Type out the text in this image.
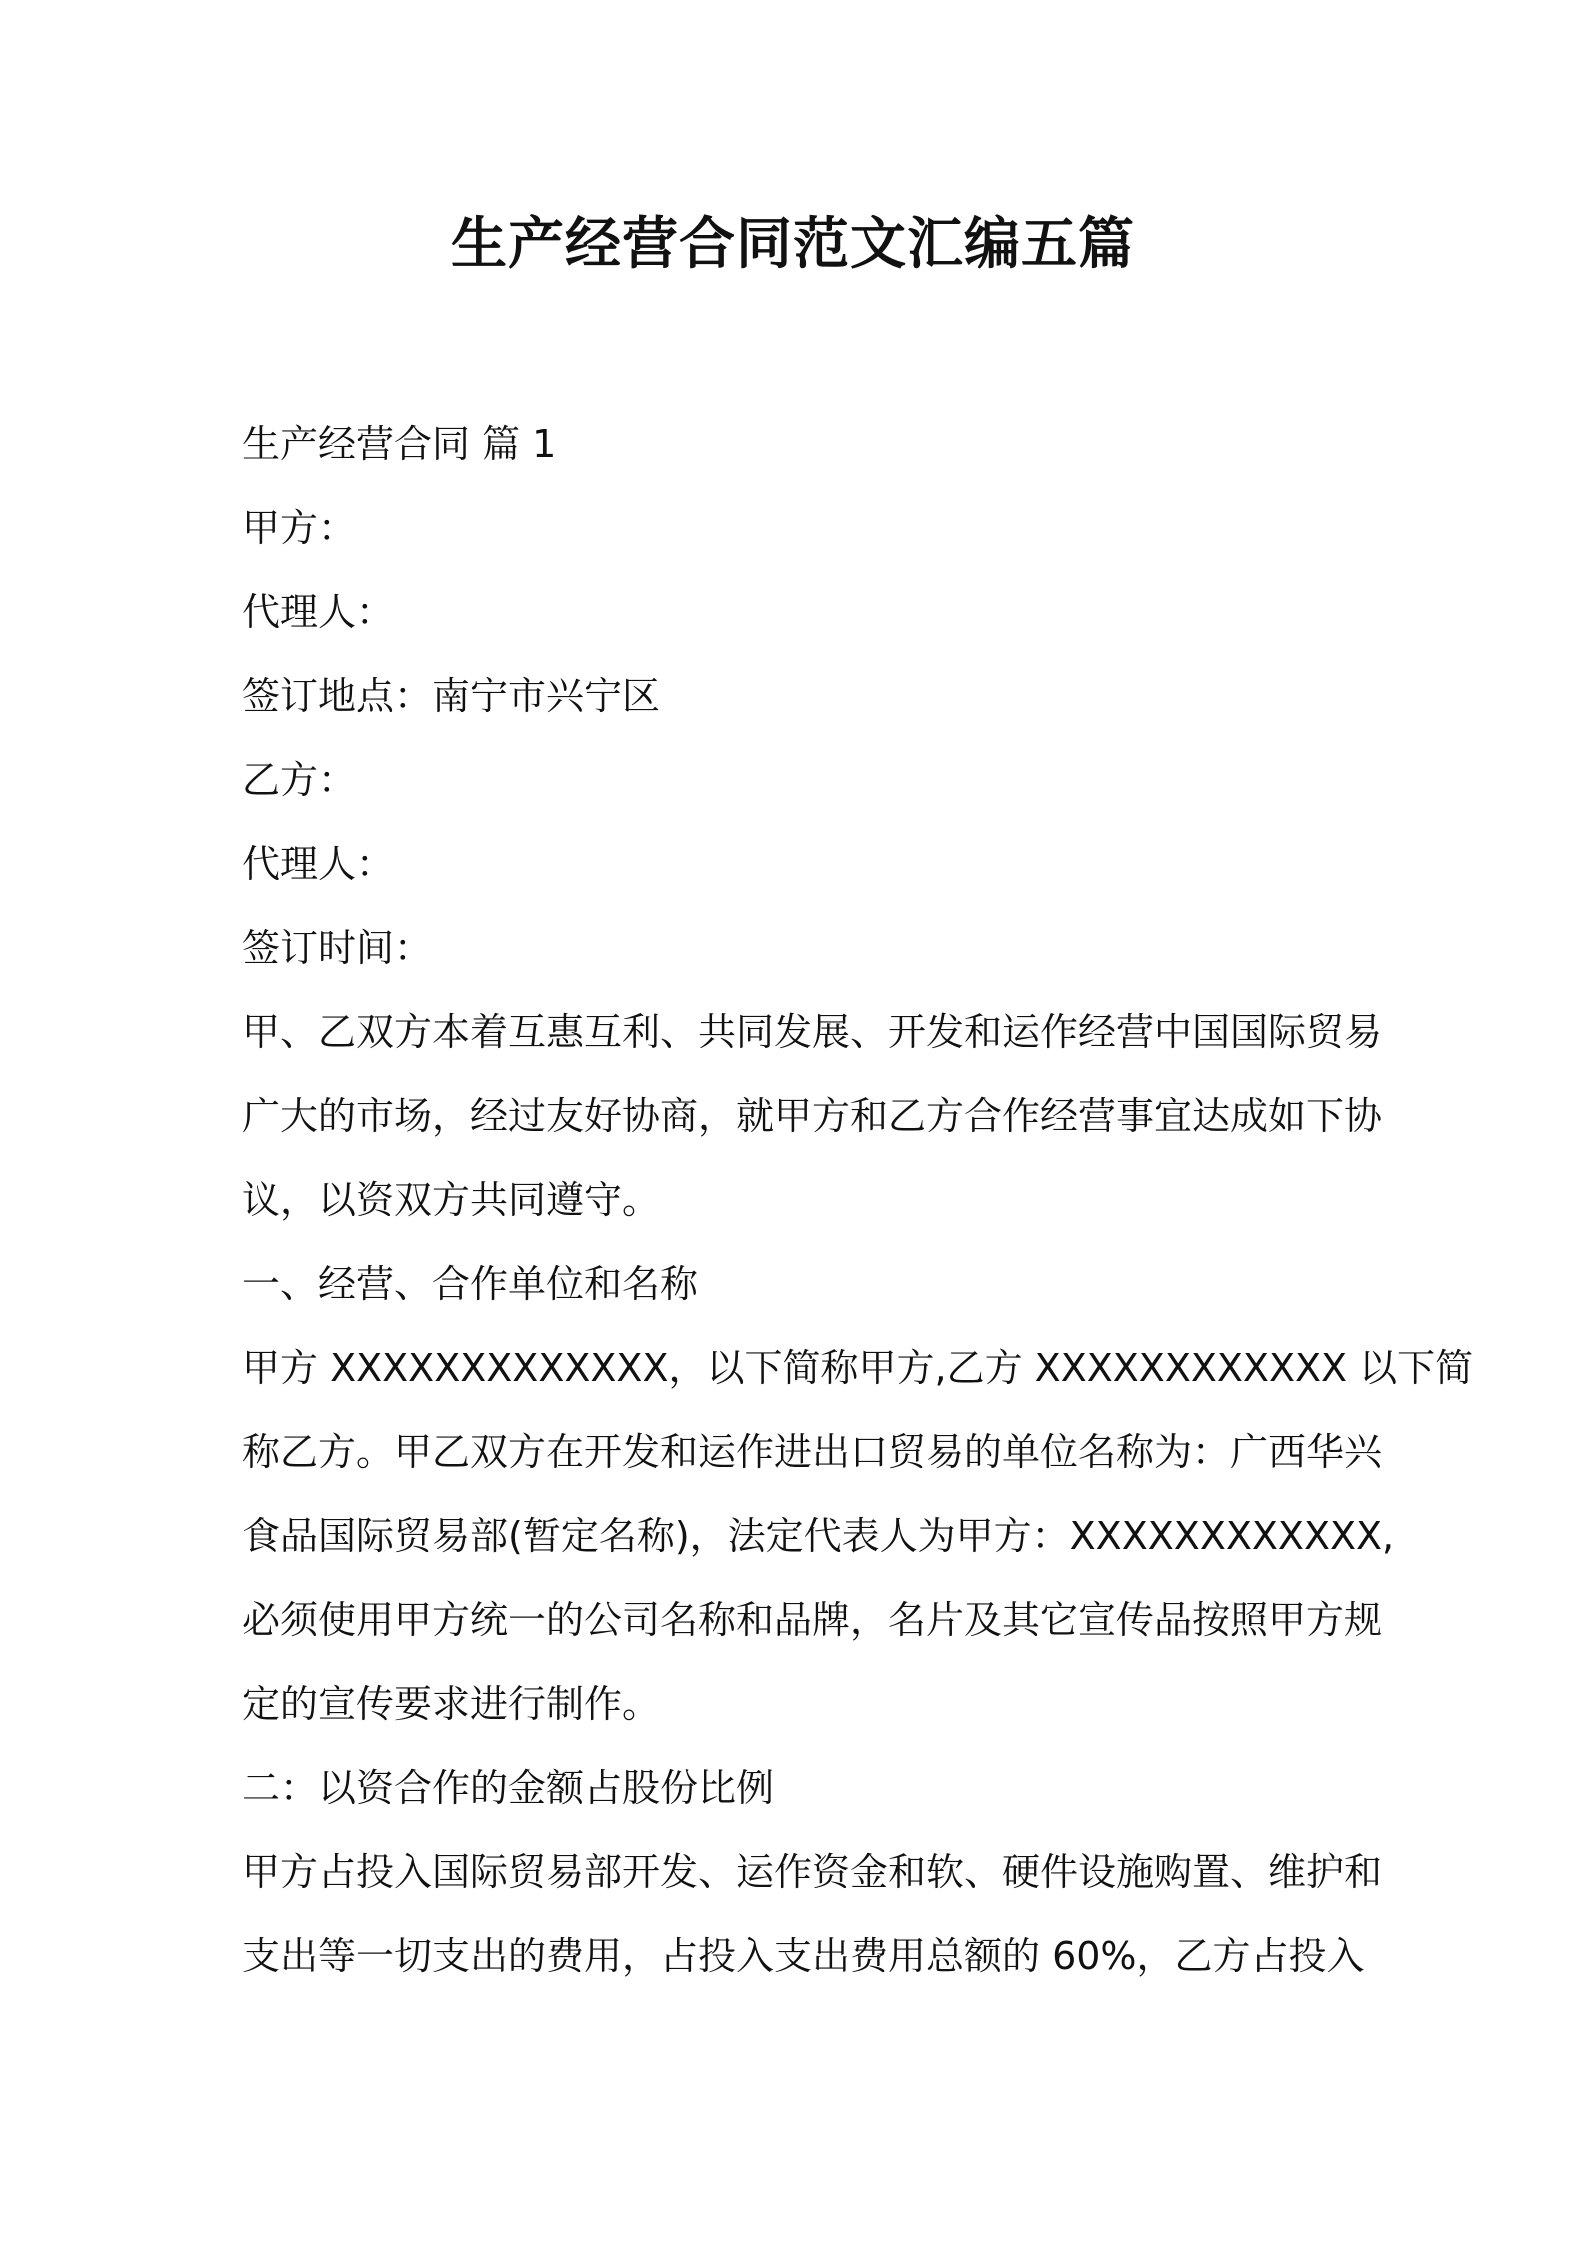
生产经营合同范文汇编五篇
生产经营合同 篇 1
甲方：
代理人：
签订地点：南宁市兴宁区
乙方：
代理人：
签订时间：
甲、乙双方本着互惠互利、共同发展、开发和运作经营中国国际贸易
广大的市场，经过友好协商，就甲方和乙方合作经营事宜达成如下协
议，以资双方共同遵守。
一、经营、合作单位和名称
甲方 XXXXXXXXXXXXX，以下简称甲方,乙方 XXXXXXXXXXXX 以下简
称乙方。甲乙双方在开发和运作进出口贸易的单位名称为：广西华兴
食品国际贸易部(暂定名称)，法定代表人为甲方：XXXXXXXXXXXX,
必须使用甲方统一的公司名称和品牌，名片及其它宣传品按照甲方规
定的宣传要求进行制作。
二：以资合作的金额占股份比例
甲方占投入国际贸易部开发、运作资金和软、硬件设施购置、维护和
支出等一切支出的费用，占投入支出费用总额的 60%，乙方占投入
